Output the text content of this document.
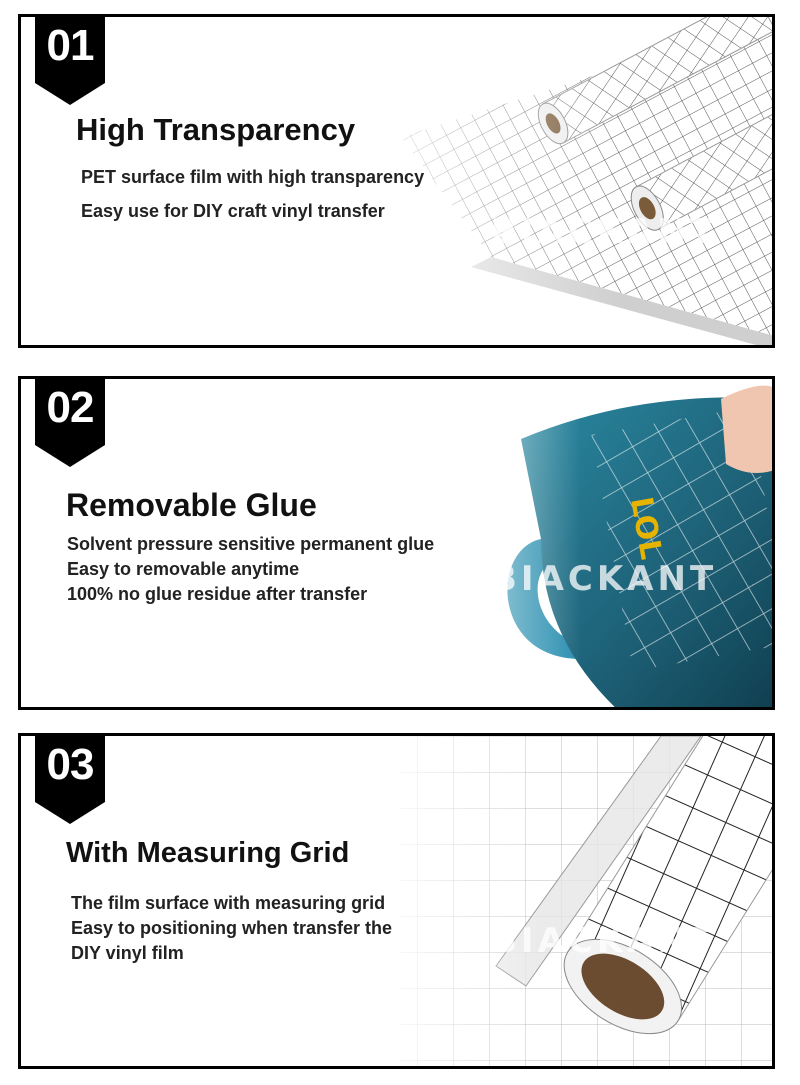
BIACKANT
01
High Transparency
PET surface film with high transparency
Easy use for DIY craft vinyl transfer
LOL
BIACKANT
02
Removable Glue
Solvent pressure sensitive permanent glue
Easy to removable anytime
100% no glue residue after transfer
BIACKANT
03
With Measuring Grid
The film surface with measuring grid
Easy to positioning when transfer the
DIY vinyl film
